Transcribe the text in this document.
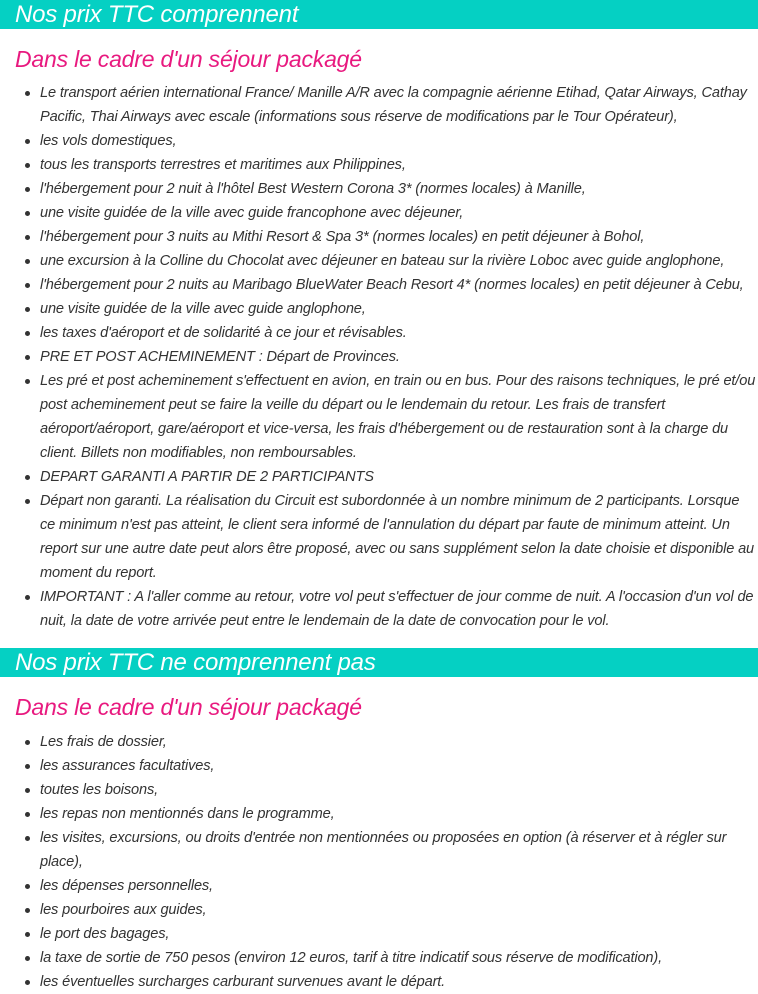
Nos prix TTC comprennent
Dans le cadre d'un séjour packagé
Le transport aérien international France/ Manille A/R avec la compagnie aérienne Etihad, Qatar Airways, Cathay Pacific, Thai Airways avec escale (informations sous réserve de modifications par le Tour Opérateur),
les vols domestiques,
tous les transports terrestres et maritimes aux Philippines,
l'hébergement pour 2 nuit à l'hôtel Best Western Corona 3* (normes locales) à Manille,
une visite guidée de la ville avec guide francophone avec déjeuner,
l'hébergement pour 3 nuits au Mithi Resort & Spa 3* (normes locales) en petit déjeuner à Bohol,
une excursion à la Colline du Chocolat avec déjeuner en bateau sur la rivière Loboc avec guide anglophone,
l'hébergement pour 2 nuits au Maribago BlueWater Beach Resort 4* (normes locales) en petit déjeuner à Cebu,
une visite guidée de la ville avec guide anglophone,
les taxes d'aéroport et de solidarité à ce jour et révisables.
PRE ET POST ACHEMINEMENT : Départ de Provinces.
Les pré et post acheminement s'effectuent en avion, en train ou en bus. Pour des raisons techniques, le pré et/ou post acheminement peut se faire la veille du départ ou le lendemain du retour. Les frais de transfert aéroport/aéroport, gare/aéroport et vice-versa, les frais d'hébergement ou de restauration sont à la charge du client. Billets non modifiables, non remboursables.
DEPART GARANTI A PARTIR DE 2 PARTICIPANTS
Départ non garanti. La réalisation du Circuit est subordonnée à un nombre minimum de 2 participants. Lorsque ce minimum n'est pas atteint, le client sera informé de l'annulation du départ par faute de minimum atteint. Un report sur une autre date peut alors être proposé, avec ou sans supplément selon la date choisie et disponible au moment du report.
IMPORTANT : A l'aller comme au retour, votre vol peut s'effectuer de jour comme de nuit. A l'occasion d'un vol de nuit, la date de votre arrivée peut entre le lendemain de la date de convocation pour le vol.
Nos prix TTC ne comprennent pas
Dans le cadre d'un séjour packagé
Les frais de dossier,
les assurances facultatives,
toutes les boisons,
les repas non mentionnés dans le programme,
les visites, excursions, ou droits d'entrée non mentionnées ou proposées en option (à réserver et à régler sur place),
les dépenses personnelles,
les pourboires aux guides,
le port des bagages,
la taxe de sortie de 750 pesos (environ 12 euros, tarif à titre indicatif sous réserve de modification),
les éventuelles surcharges carburant survenues avant le départ.
